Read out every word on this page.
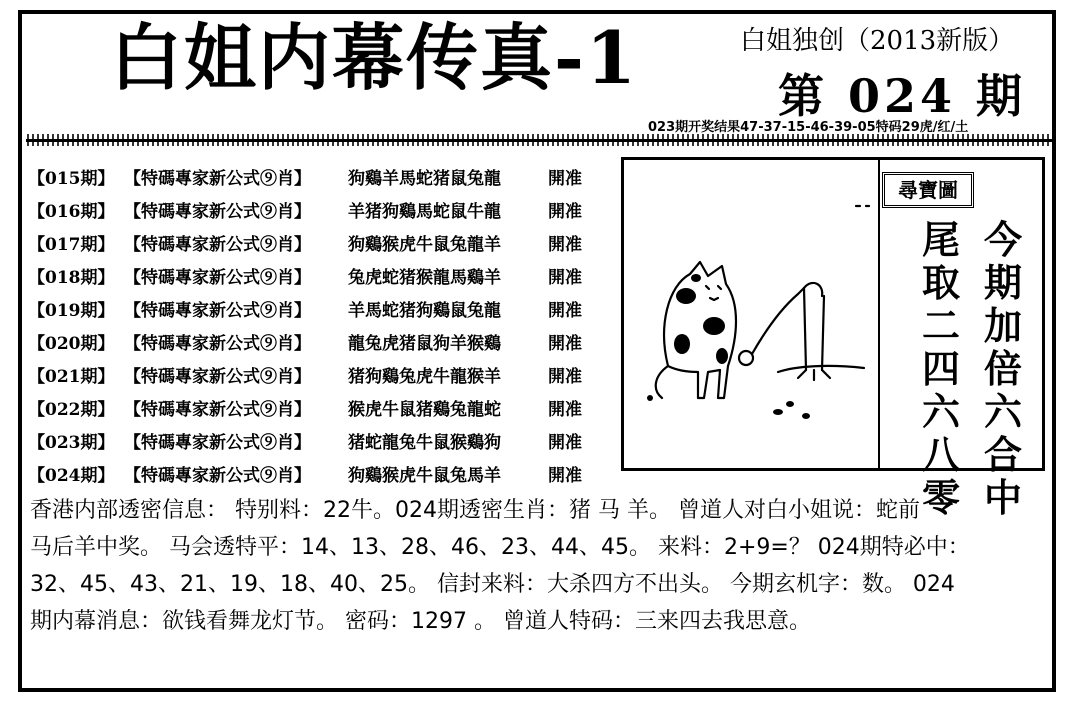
白姐内幕传真-1	白姐独创（2013新版）
第 024 期
023期开奖结果47-37-15-46-39-05特码29虎/红/土
【015期】 【特碼專家新公式⑨肖】	狗鷄羊馬蛇猪鼠兔龍	開准
【016期】 【特碼專家新公式⑨肖】	羊猪狗鷄馬蛇鼠牛龍	開准
【017期】 【特碼專家新公式⑨肖】	狗鷄猴虎牛鼠兔龍羊	開准
【018期】 【特碼專家新公式⑨肖】	兔虎蛇猪猴龍馬鷄羊	開准
【019期】 【特碼專家新公式⑨肖】	羊馬蛇猪狗鷄鼠兔龍	開准
【020期】 【特碼專家新公式⑨肖】	龍兔虎猪鼠狗羊猴鷄	開准
【021期】 【特碼專家新公式⑨肖】	猪狗鷄兔虎牛龍猴羊	開准
【022期】 【特碼專家新公式⑨肖】	猴虎牛鼠猪鷄兔龍蛇	開准
【023期】 【特碼專家新公式⑨肖】	猪蛇龍兔牛鼠猴鷄狗	開准
【024期】 【特碼專家新公式⑨肖】	狗鷄猴虎牛鼠兔馬羊	開准
尋寶圖
今期加倍六合中
尾取二四六八零

香港内部透密信息： 特别料：22牛。024期透密生肖：猪 马 羊。 曾道人对白小姐说：蛇前

马后羊中奖。 马会透特平：14、13、28、46、23、44、45。 来料：2+9=？ 024期特必中：

32、45、43、21、19、18、40、25。 信封来料：大杀四方不出头。 今期玄机字：数。 024

期内幕消息：欲钱看舞龙灯节。 密码：1297 。 曾道人特码：三来四去我思意。
